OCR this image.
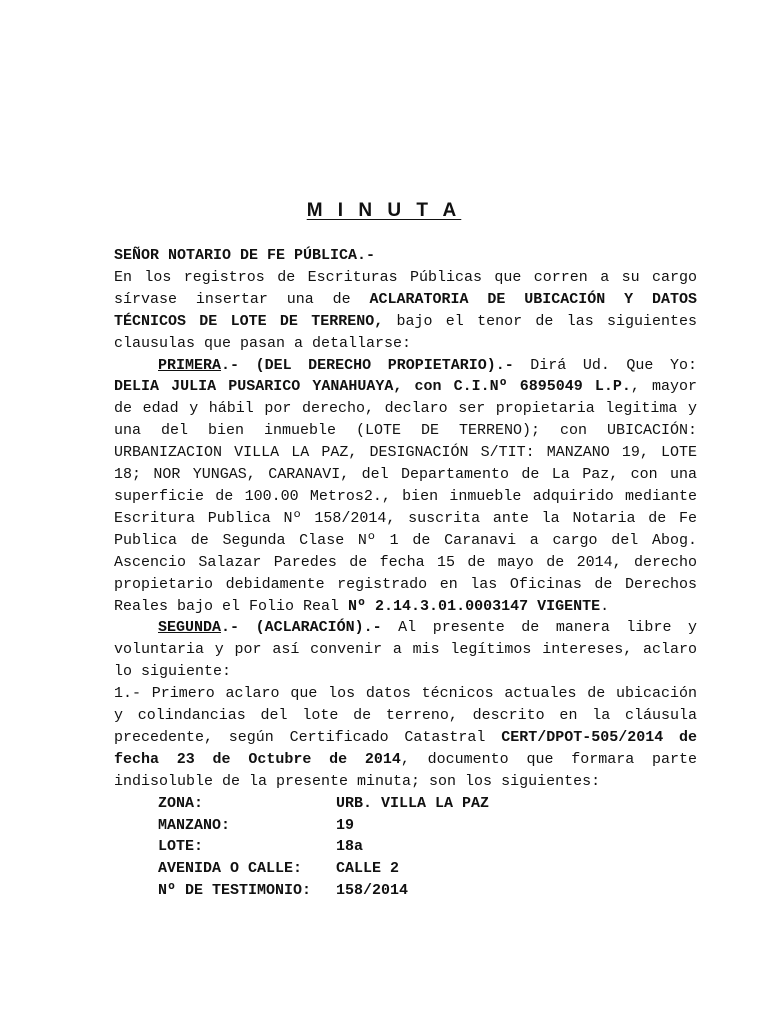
M I N U T A

SEÑOR NOTARIO DE FE PÚBLICA.-

En los registros de Escrituras Públicas que corren a su cargo sírvase insertar una de ACLARATORIA DE UBICACIÓN Y DATOS TÉCNICOS DE LOTE DE TERRENO, bajo el tenor de las siguientes clausulas que pasan a detallarse:

PRIMERA.- (DEL DERECHO PROPIETARIO).- Dirá Ud. Que Yo: DELIA JULIA PUSARICO YANAHUAYA, con C.I.Nº 6895049 L.P., mayor de edad y hábil por derecho, declaro ser propietaria legitima y una del bien inmueble (LOTE DE TERRENO); con UBICACIÓN: URBANIZACION VILLA LA PAZ, DESIGNACIÓN S/TIT: MANZANO 19, LOTE 18; NOR YUNGAS, CARANAVI, del Departamento de La Paz, con una superficie de 100.00 Metros2., bien inmueble adquirido mediante Escritura Publica Nº 158/2014, suscrita ante la Notaria de Fe Publica de Segunda Clase Nº 1 de Caranavi a cargo del Abog. Ascencio Salazar Paredes de fecha 15 de mayo de 2014, derecho propietario debidamente registrado en las Oficinas de Derechos Reales bajo el Folio Real Nº 2.14.3.01.0003147 VIGENTE.

SEGUNDA.- (ACLARACIÓN).- Al presente de manera libre y voluntaria y por así convenir a mis legítimos intereses, aclaro lo siguiente:

1.- Primero aclaro que los datos técnicos actuales de ubicación y colindancias del lote de terreno, descrito en la cláusula precedente, según Certificado Catastral CERT/DPOT-505/2014 de fecha 23 de Octubre de 2014, documento que formara parte indisoluble de la presente minuta; son los siguientes:

ZONA:	URB. VILLA LA PAZ
MANZANO:	19
LOTE:	18a
AVENIDA O CALLE:	CALLE 2
Nº DE TESTIMONIO:	158/2014
